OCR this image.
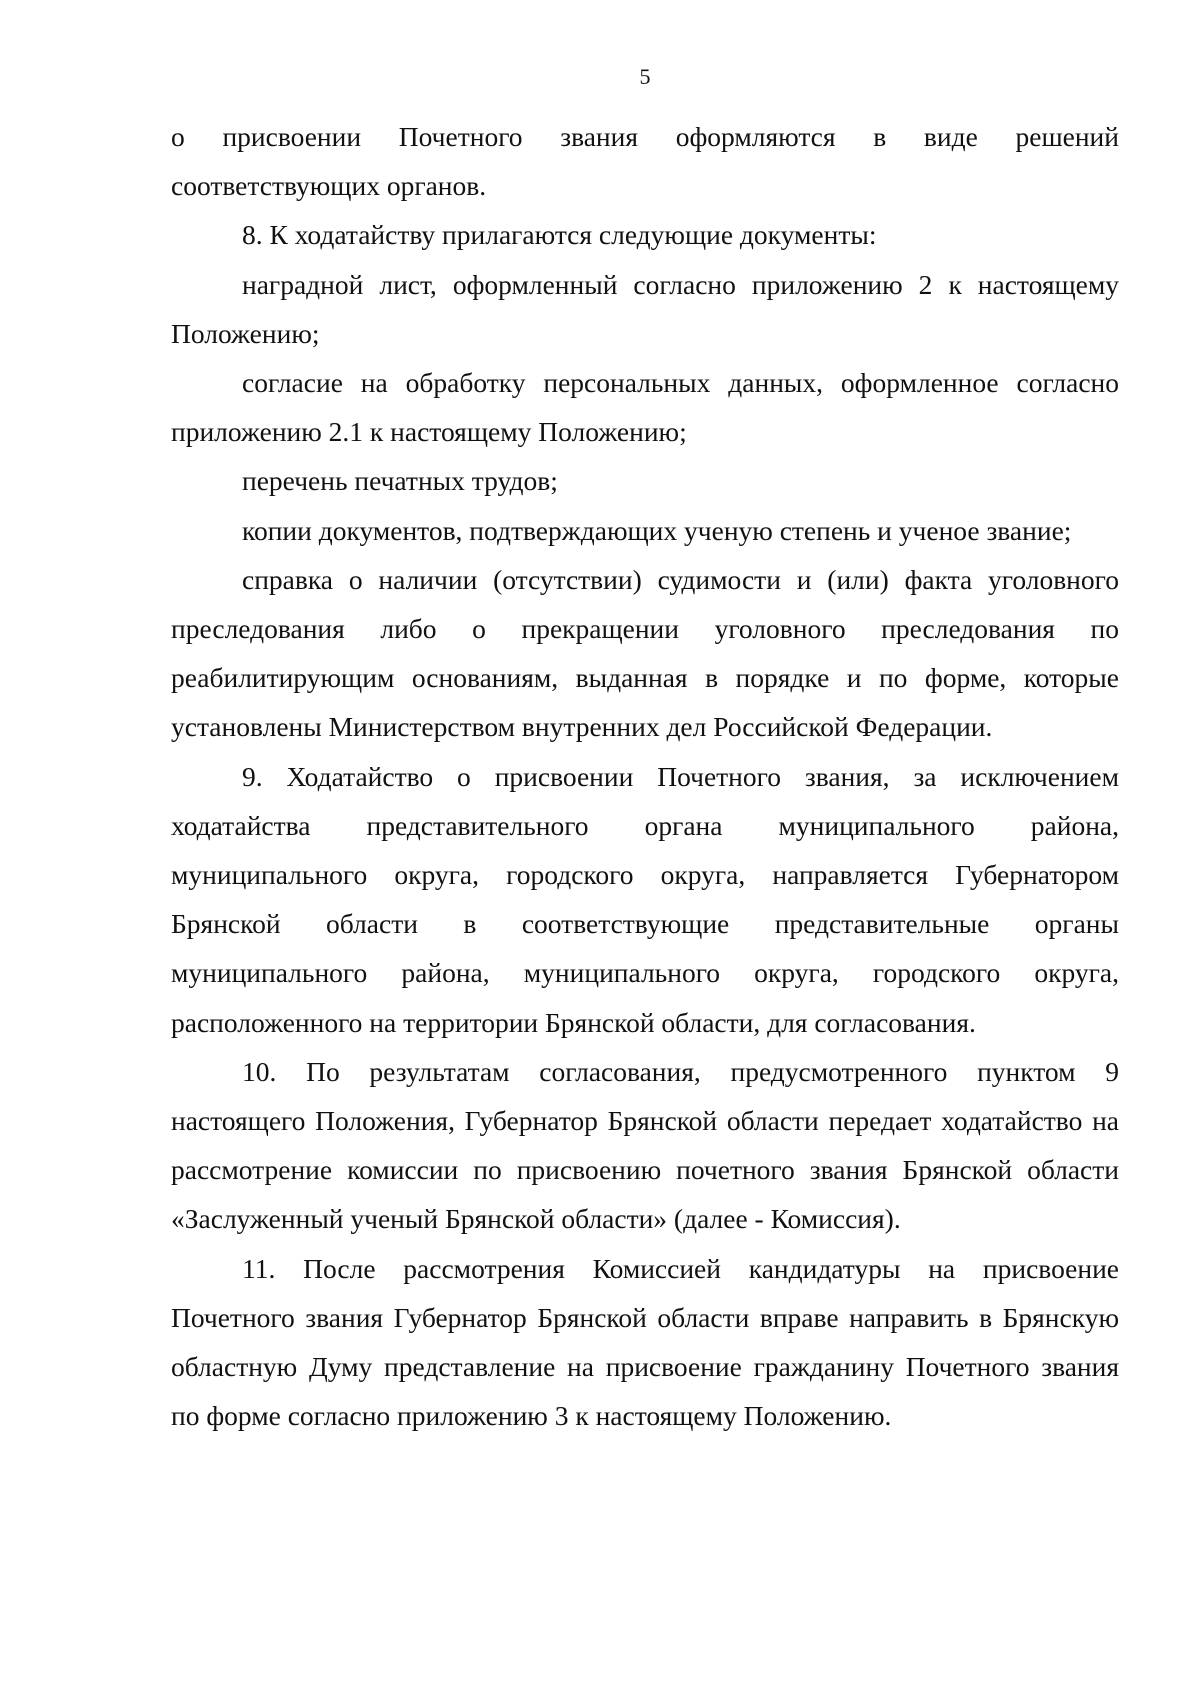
5

о присвоении Почетного звания оформляются в виде решений соответствующих органов.

8. К ходатайству прилагаются следующие документы:

наградной лист, оформленный согласно приложению 2 к настоящему Положению;

согласие на обработку персональных данных, оформленное согласно приложению 2.1 к настоящему Положению;

перечень печатных трудов;

копии документов, подтверждающих ученую степень и ученое звание;

справка о наличии (отсутствии) судимости и (или) факта уголовного преследования либо о прекращении уголовного преследования по реабилитирующим основаниям, выданная в порядке и по форме, которые установлены Министерством внутренних дел Российской Федерации.

9. Ходатайство о присвоении Почетного звания, за исключением ходатайства представительного органа муниципального района, муниципального округа, городского округа, направляется Губернатором Брянской области в соответствующие представительные органы муниципального района, муниципального округа, городского округа, расположенного на территории Брянской области, для согласования.

10. По результатам согласования, предусмотренного пунктом 9 настоящего Положения, Губернатор Брянской области передает ходатайство на рассмотрение комиссии по присвоению почетного звания Брянской области «Заслуженный ученый Брянской области» (далее - Комиссия).

11. После рассмотрения Комиссией кандидатуры на присвоение Почетного звания Губернатор Брянской области вправе направить в Брянскую областную Думу представление на присвоение гражданину Почетного звания по форме согласно приложению 3 к настоящему Положению.
